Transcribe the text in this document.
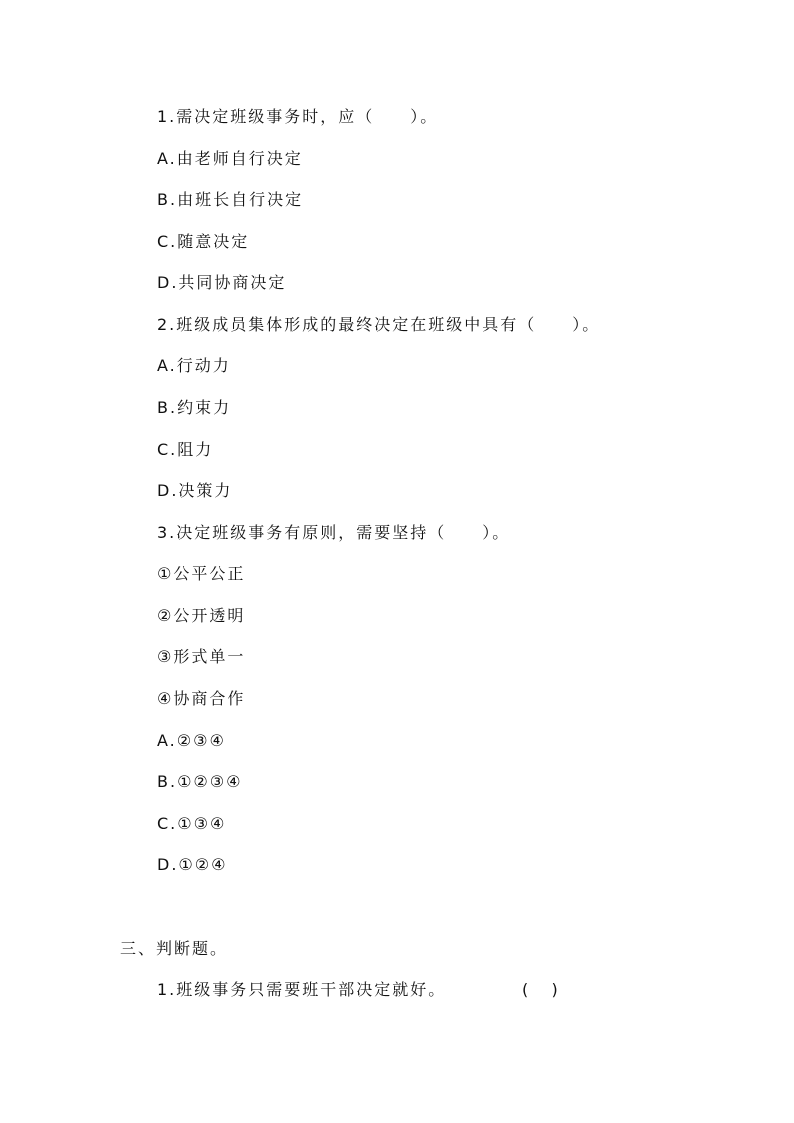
1.需决定班级事务时，应（　　）。
A.由老师自行决定
B.由班长自行决定
C.随意决定
D.共同协商决定
2.班级成员集体形成的最终决定在班级中具有（　　）。
A.行动力
B.约束力
C.阻力
D.决策力
3.决定班级事务有原则，需要坚持（　　）。
①公平公正
②公开透明
③形式单一
④协商合作
A.②③④
B.①②③④
C.①③④
D.①②④
三、判断题。
1.班级事务只需要班干部决定就好。	(   )
